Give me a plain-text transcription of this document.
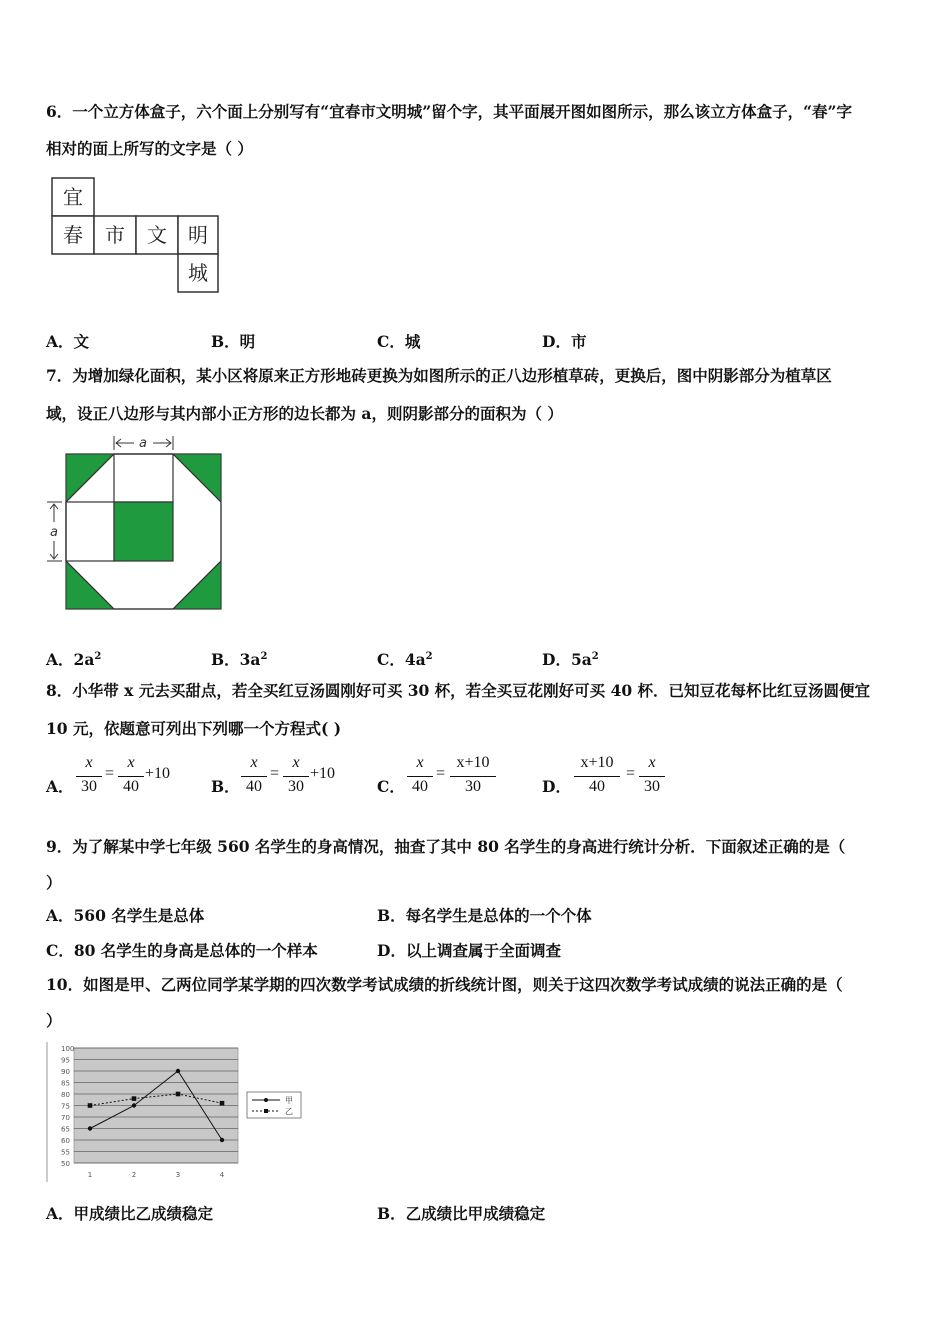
6．一个立方体盒子，六个面上分别写有“宜春市文明城”留个字，其平面展开图如图所示，那么该立方体盒子，“春”字
相对的面上所写的文字是（ ）
宜
春 市 文 明
城
A．文	B．明	C．城	D．市
7．为增加绿化面积，某小区将原来正方形地砖更换为如图所示的正八边形植草砖，更换后，图中阴影部分为植草区
域，设正八边形与其内部小正方形的边长都为 a，则阴影部分的面积为（ ）
a
a
A．$2a^2$	B．$3a^2$	C．$4a^2$	D．$5a^2$
8．小华带 x 元去买甜点，若全买红豆汤圆刚好可买 30 杯，若全买豆花刚好可买 40 杯．已知豆花每杯比红豆汤圆便宜
10 元，依题意可列出下列哪一个方程式( )
A．
x
30
=
x
40
+10
B．
x
40
=
x
30
+10
C．
x
40
=
x+10
30	D．
x+10
40
=
x
30
9．为了解某中学七年级 560 名学生的身高情况，抽查了其中 80 名学生的身高进行统计分析．下面叙述正确的是（
）
A．560 名学生是总体	B．每名学生是总体的一个个体
C．80 名学生的身高是总体的一个样本	D．以上调查属于全面调查
10．如图是甲、乙两位同学某学期的四次数学考试成绩的折线统计图，则关于这四次数学考试成绩的说法正确的是（
）
100
95
90
85
80
75
70
65
60
55
50
1	2	3	4
甲
乙
A．甲成绩比乙成绩稳定	B．乙成绩比甲成绩稳定
